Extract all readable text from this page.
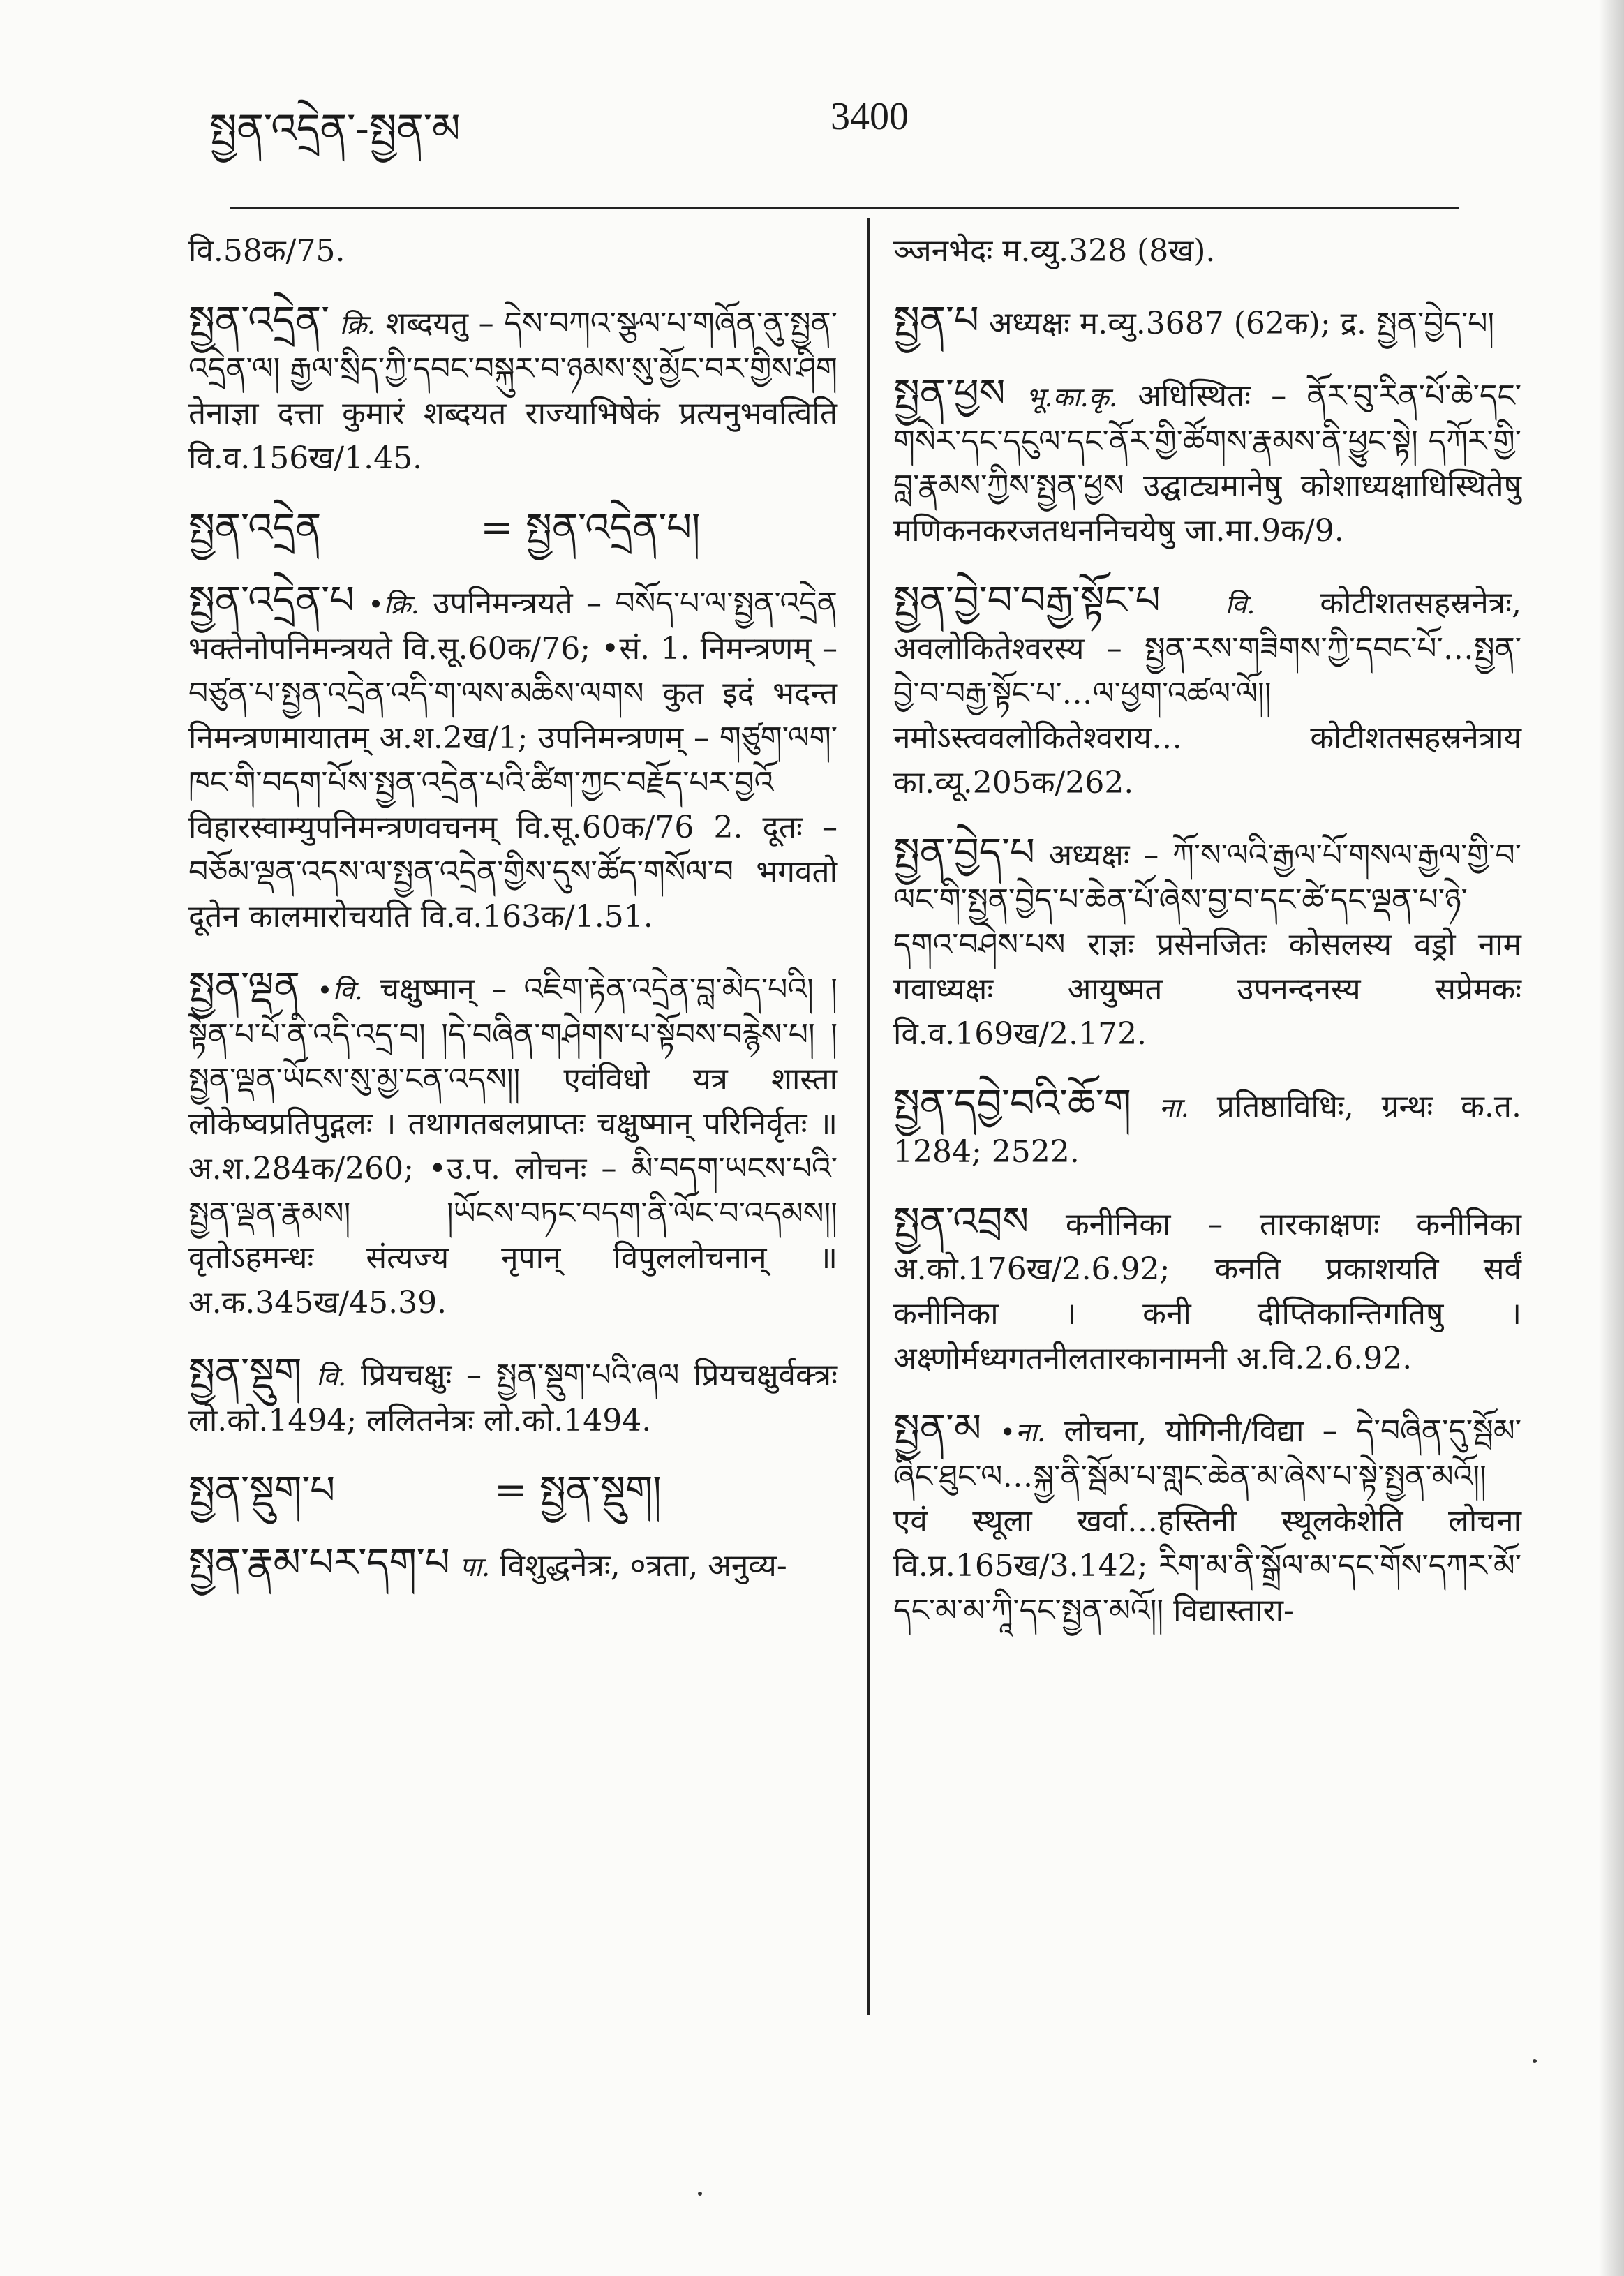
སྤྱན་འདྲེན་-སྤྱན་མ	3400
वि.58क/75.
སྤྱན་འདྲེན་ क्रि. शब्दयतु – དེས་བཀའ་སྩལ་པ་གཞོན་ནུ་སྤྱན་འདྲེན་ལ། རྒྱལ་སྲིད་ཀྱི་དབང་བསྐུར་བ་ཉམས་སུ་མྱོང་བར་གྱིས་ཤིག तेनाज्ञा दत्ता कुमारं शब्दयत राज्याभिषेकं प्रत्यनुभवत्विति वि.व.156ख/1.45.
སྤྱན་འདྲེན	= སྤྱན་འདྲེན་པ།
སྤྱན་འདྲེན་པ •क्रि. उपनिमन्त्रयते – བསོད་པ་ལ་སྤྱན་འདྲེན भक्तेनोपनिमन्त्रयते वि.सू.60क/76; •सं. 1. निमन्त्रणम् – བཙུན་པ་སྤྱན་འདྲེན་འདི་ག་ལས་མཆིས་ལགས कुत इदं भदन्त निमन्त्रणमायातम् अ.श.2ख/1; उपनिमन्त्रणम् – གཙུག་ལག་ཁང་གི་བདག་པོས་སྤྱན་འདྲེན་པའི་ཚིག་ཀྱང་བརྗོད་པར་བྱའོ विहारस्वाम्युपनिमन्त्रणवचनम् वि.सू.60क/76 2. दूतः – བཅོམ་ལྡན་འདས་ལ་སྤྱན་འདྲེན་གྱིས་དུས་ཚོད་གསོལ་བ भगवतो दूतेन कालमारोचयति वि.व.163क/1.51.
སྤྱན་ལྡན •वि. चक्षुष्मान् – འཇིག་རྟེན་འདྲེན་བླ་མེད་པའི། །སྟོན་པ་པོ་ནི་འདི་འདྲ་བ། །དེ་བཞིན་གཤེགས་པ་སྟོབས་བརྙེས་པ། །སྤྱན་ལྡན་ཡོངས་སུ་མྱ་ངན་འདས།། एवंविधो यत्र शास्ता लोकेष्वप्रतिपुद्गलः । तथागतबलप्राप्तः चक्षुष्मान् परिनिर्वृतः ॥ अ.श.284क/260; •उ.प. लोचनः – མི་བདག་ཡངས་པའི་སྤྱན་ལྡན་རྣམས། །ཡོངས་བཏང་བདག་ནི་ལོང་བ་འདམས།། वृतोऽहमन्धः संत्यज्य नृपान् विपुललोचनान् ॥ अ.क.345ख/45.39.
སྤྱན་སྡུག वि. प्रियचक्षुः – སྤྱན་སྡུག་པའི་ཞལ प्रियचक्षुर्वक्त्रः लो.को.1494; ललितनेत्रः लो.को.1494.
སྤྱན་སྡུག་པ	= སྤྱན་སྡུག།
སྤྱན་རྣམ་པར་དག་པ पा. विशुद्धनेत्रः, ०त्रता, अनुव्य-
ञ्जनभेदः म.व्यु.328 (8ख).
སྤྱན་པ अध्यक्षः म.व्यु.3687 (62क); द्र. སྤྱན་བྱེད་པ།
སྤྱན་ཕྱས भू.का.कृ. अधिस्थितः – ནོར་བུ་རིན་པོ་ཆེ་དང་གསེར་དང་དངུལ་དང་ནོར་གྱི་ཚོགས་རྣམས་ནི་ཕྱུང་སྟེ། དཀོར་གྱི་བླ་རྣམས་ཀྱིས་སྤྱན་ཕྱས उद्घाट्यमानेषु कोशाध्यक्षाधिस्थितेषु मणिकनकरजतधननिचयेषु जा.मा.9क/9.
སྤྱན་བྱེ་བ་བརྒྱ་སྟོང་པ वि. कोटीशतसहस्रनेत्रः, अवलोकितेश्वरस्य – སྤྱན་རས་གཟིགས་ཀྱི་དབང་པོ་…སྤྱན་བྱེ་བ་བརྒྱ་སྟོང་པ་…ལ་ཕྱག་འཚལ་ལོ།། नमोऽस्त्ववलोकितेश्वराय… कोटीशतसहस्रनेत्राय का.व्यू.205क/262.
སྤྱན་བྱེད་པ अध्यक्षः – ཀོ་ས་ལའི་རྒྱལ་པོ་གསལ་རྒྱལ་གྱི་བ་ལང་གི་སྤྱན་བྱེད་པ་ཆེན་པོ་ཞེས་བྱ་བ་དང་ཚེ་དང་ལྡན་པ་ཉེ་དགའ་བཤེས་པས राज्ञः प्रसेनजितः कोसलस्य वड्रो नाम गवाध्यक्षः आयुष्मत उपनन्दनस्य सप्रेमकः वि.व.169ख/2.172.
སྤྱན་དབྱེ་བའི་ཆོ་ག ना. प्रतिष्ठाविधिः, ग्रन्थः क.त. 1284; 2522.
སྤྱན་འབྲས कनीनिका – तारकाक्षणः कनीनिका अ.को.176ख/2.6.92; कनति प्रकाशयति सर्वं कनीनिका । कनी दीप्तिकान्तिगतिषु । अक्ष्णोर्मध्यगतनीलतारकानामनी अ.वि.2.6.92.
སྤྱན་མ •ना. लोचना, योगिनी/विद्या – དེ་བཞིན་དུ་སྦོམ་ཞིང་ཐུང་ལ…སྐྱ་ནི་སྦོམ་པ་གླང་ཆེན་མ་ཞེས་པ་སྟེ་སྤྱན་མའོ།། एवं स्थूला खर्वा…हस्तिनी स्थूलकेशेति लोचना वि.प्र.165ख/3.142; རིག་མ་ནི་སྒྲོལ་མ་དང་གོས་དཀར་མོ་དང་མ་མ་ཀཱི་དང་སྤྱན་མའོ།། विद्यास्तारा-
